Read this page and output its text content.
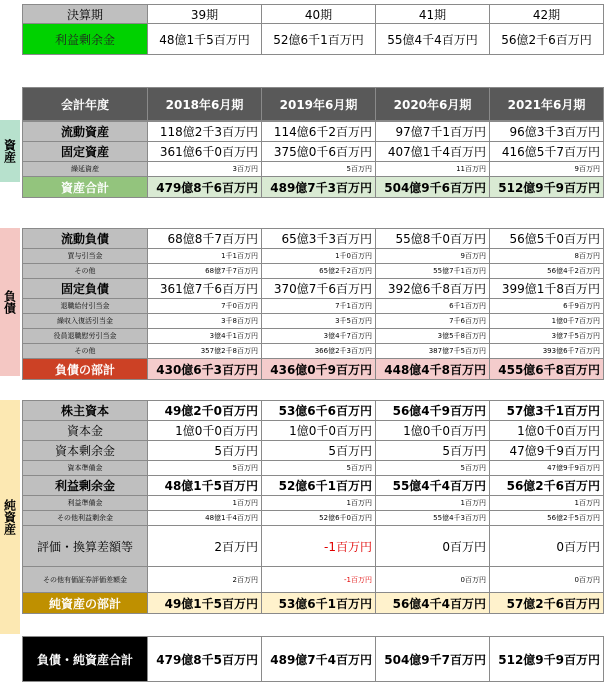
決算期	39期	40期	41期	42期
利益剰余金	48億1千5百万円	52億6千1百万円	55億4千4百万円	56億2千6百万円
会計年度	2018年6月期	2019年6月期	2020年6月期	2021年6月期
資産
負債
純資産
流動資産	118億2千3百万円	114億6千2百万円	97億7千1百万円	96億3千3百万円
固定資産	361億6千0百万円	375億0千6百万円	407億1千4百万円	416億5千7百万円
繰延資産	3百万円	5百万円	11百万円	9百万円
資産合計	479億8千6百万円	489億7千3百万円	504億9千6百万円	512億9千9百万円
流動負債	68億8千7百万円	65億3千3百万円	55億8千0百万円	56億5千0百万円
買与引当金	1千1百万円	1千0百万円	9百万円	8百万円
その他	68億7千7百万円	65億2千2百万円	55億7千1百万円	56億4千2百万円
固定負債	361億7千6百万円	370億7千6百万円	392億6千8百万円	399億1千8百万円
退職給付引当金	7千0百万円	7千1百万円	6千1百万円	6千9百万円
繰収入復活引当金	3千8百万円	3千5百万円	7千6百万円	1億0千7百万円
役員退職慰労引当金	3億4千1百万円	3億4千7百万円	3億5千8百万円	3億7千5百万円
その他	357億2千8百万円	366億2千3百万円	387億7千5百万円	393億6千7百万円
負債の部計	430億6千3百万円	436億0千9百万円	448億4千8百万円	455億6千8百万円
株主資本	49億2千0百万円	53億6千6百万円	56億4千9百万円	57億3千1百万円
資本金	1億0千0百万円	1億0千0百万円	1億0千0百万円	1億0千0百万円
資本剰余金	5百万円	5百万円	5百万円	47億9千9百万円
資本準備金	5百万円	5百万円	5百万円	47億9千9百万円
利益剰余金	48億1千5百万円	52億6千1百万円	55億4千4百万円	56億2千6百万円
利益準備金	1百万円	1百万円	1百万円	1百万円
その他利益剰余金	48億1千4百万円	52億6千0百万円	55億4千3百万円	56億2千5百万円
評価・換算差額等	2百万円	-1百万円	0百万円	0百万円
その他有価証券評価差額金	2百万円	-1百万円	0百万円	0百万円
純資産の部計	49億1千5百万円	53億6千1百万円	56億4千4百万円	57億2千6百万円
負債・純資産合計	479億8千5百万円	489億7千4百万円	504億9千7百万円	512億9千9百万円
